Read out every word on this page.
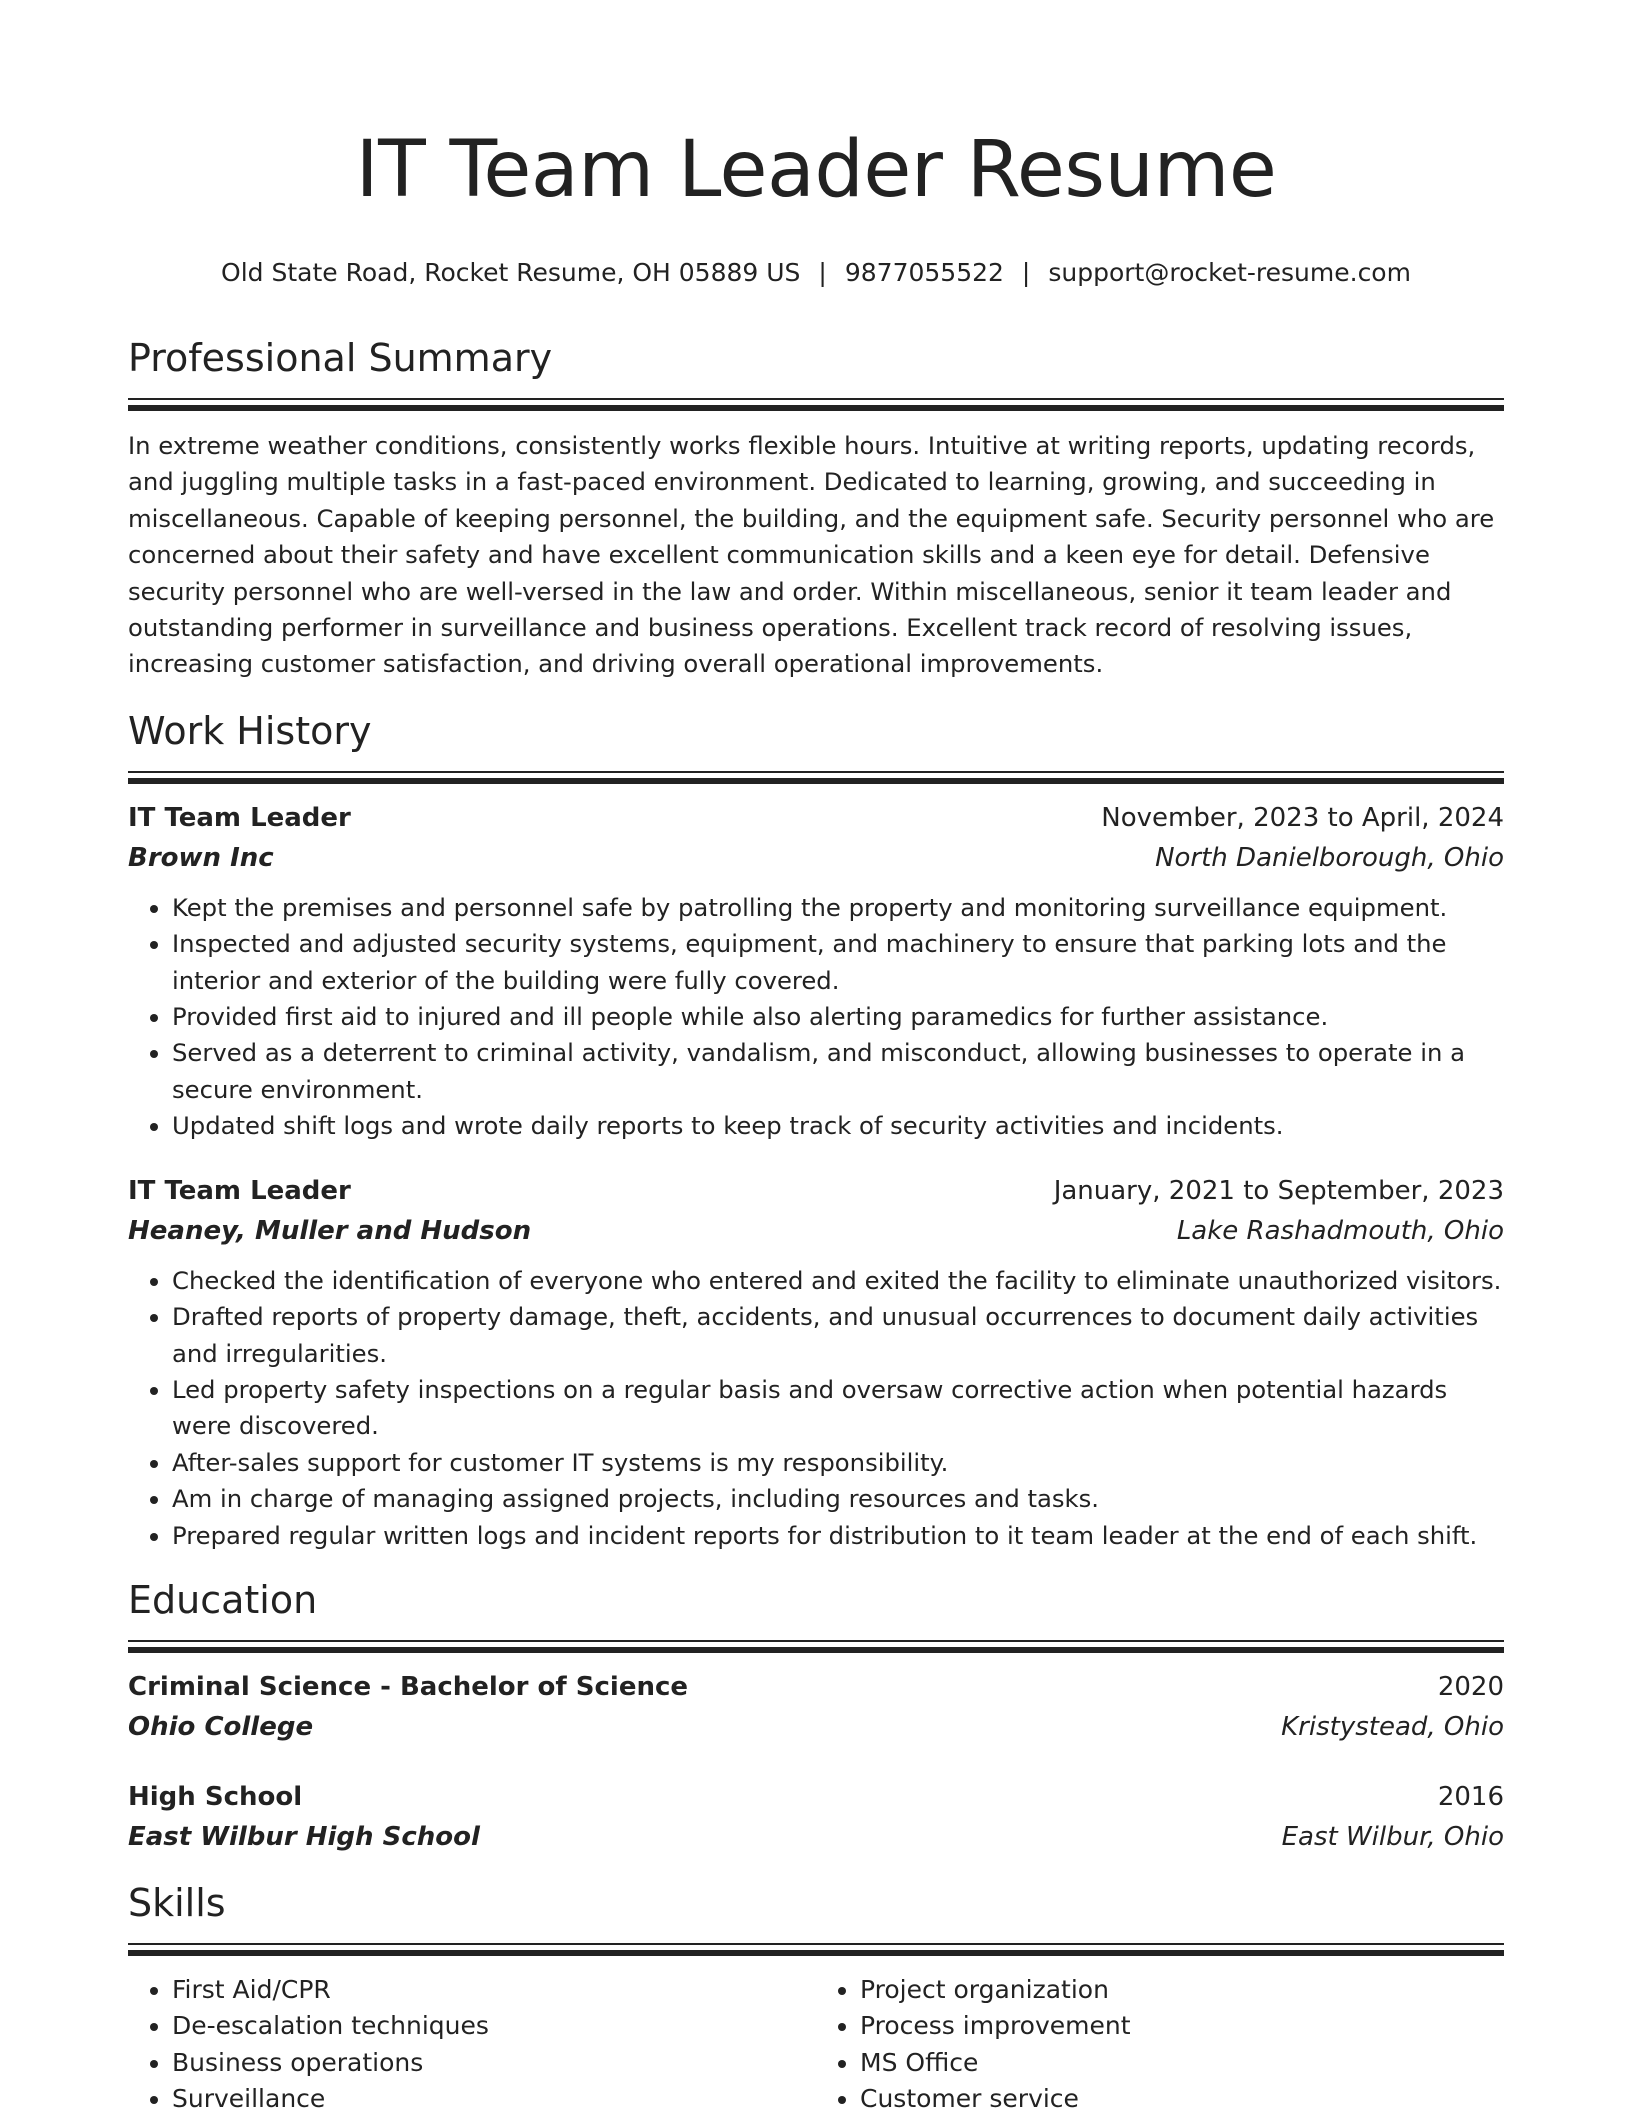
IT Team Leader Resume
Old State Road, Rocket Resume, OH 05889 US | 9877055522 | support@rocket-resume.com
Professional Summary
In extreme weather conditions, consistently works flexible hours. Intuitive at writing reports, updating records, and juggling multiple tasks in a fast-paced environment. Dedicated to learning, growing, and succeeding in miscellaneous. Capable of keeping personnel, the building, and the equipment safe. Security personnel who are concerned about their safety and have excellent communication skills and a keen eye for detail. Defensive security personnel who are well-versed in the law and order. Within miscellaneous, senior it team leader and outstanding performer in surveillance and business operations. Excellent track record of resolving issues, increasing customer satisfaction, and driving overall operational improvements.
Work History
IT Team Leader	November, 2023 to April, 2024
Brown Inc	North Danielborough, Ohio
• Kept the premises and personnel safe by patrolling the property and monitoring surveillance equipment.
• Inspected and adjusted security systems, equipment, and machinery to ensure that parking lots and the interior and exterior of the building were fully covered.
• Provided first aid to injured and ill people while also alerting paramedics for further assistance.
• Served as a deterrent to criminal activity, vandalism, and misconduct, allowing businesses to operate in a secure environment.
• Updated shift logs and wrote daily reports to keep track of security activities and incidents.
IT Team Leader	January, 2021 to September, 2023
Heaney, Muller and Hudson	Lake Rashadmouth, Ohio
• Checked the identification of everyone who entered and exited the facility to eliminate unauthorized visitors.
• Drafted reports of property damage, theft, accidents, and unusual occurrences to document daily activities and irregularities.
• Led property safety inspections on a regular basis and oversaw corrective action when potential hazards were discovered.
• After-sales support for customer IT systems is my responsibility.
• Am in charge of managing assigned projects, including resources and tasks.
• Prepared regular written logs and incident reports for distribution to it team leader at the end of each shift.
Education
Criminal Science - Bachelor of Science	2020
Ohio College	Kristystead, Ohio
High School	2016
East Wilbur High School	East Wilbur, Ohio
Skills
• First Aid/CPR
• De-escalation techniques
• Business operations
• Surveillance
• Project organization
• Process improvement
• MS Office
• Customer service
